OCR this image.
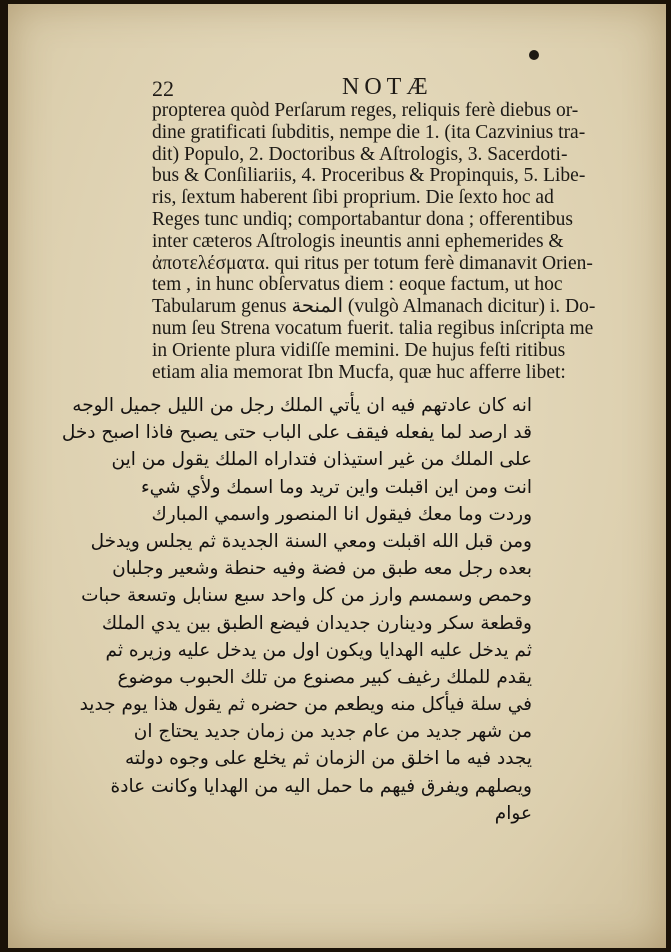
22	NOTÆ
propterea quòd Perſarum reges, reliquis ferè diebus or-
dine gratificati ſubditis, nempe die 1. (ita Cazvinius tra-
dit) Populo, 2. Doctoribus & Aſtrologis, 3. Sacerdoti-
bus & Conſiliariis, 4. Proceribus & Propinquis, 5. Libe-
ris, ſextum haberent ſibi proprium. Die ſexto hoc ad
Reges tunc undiq; comportabantur dona ; offerentibus
inter cæteros Aſtrologis ineuntis anni ephemerides &
ἀποτελέσματα. qui ritus per totum ferè dimanavit Orien-
tem , in hunc obſervatus diem : eoque factum, ut hoc
Tabularum genus المنحة (vulgò Almanach dicitur) i. Do-
num ſeu Strena vocatum fuerit. talia regibus inſcripta me
in Oriente plura vidiſſe memini. De hujus feſti ritibus
etiam alia memorat Ibn Mucfa, quæ huc afferre libet:
انه كان عادتهم فيه ان يأتي الملك رجل من الليل جميل الوجه
قد ارصد لما يفعله فيقف على الباب حتى يصبح فاذا اصبح دخل
على الملك من غير استيذان فتداراه الملك يقول من اين
انت ومن اين اقبلت واين تريد وما اسمك ولأي شيء
وردت وما معك فيقول انا المنصور واسمي المبارك
ومن قبل الله اقبلت ومعي السنة الجديدة ثم يجلس ويدخل
بعده رجل معه طبق من فضة وفيه حنطة وشعير وجلبان
وحمص وسمسم وارز من كل واحد سبع سنابل وتسعة حبات
وقطعة سكر ودينارن جديدان فيضع الطبق بين يدي الملك
ثم يدخل عليه الهدايا ويكون اول من يدخل عليه وزيره ثم
يقدم للملك رغيف كبير مصنوع من تلك الحبوب موضوع
في سلة فيأكل منه ويطعم من حضره ثم يقول هذا يوم جديد
من شهر جديد من عام جديد من زمان جديد يحتاج ان
يجدد فيه ما اخلق من الزمان ثم يخلع على وجوه دولته
ويصلهم ويفرق فيهم ما حمل اليه من الهدايا وكانت عادة
عوام
